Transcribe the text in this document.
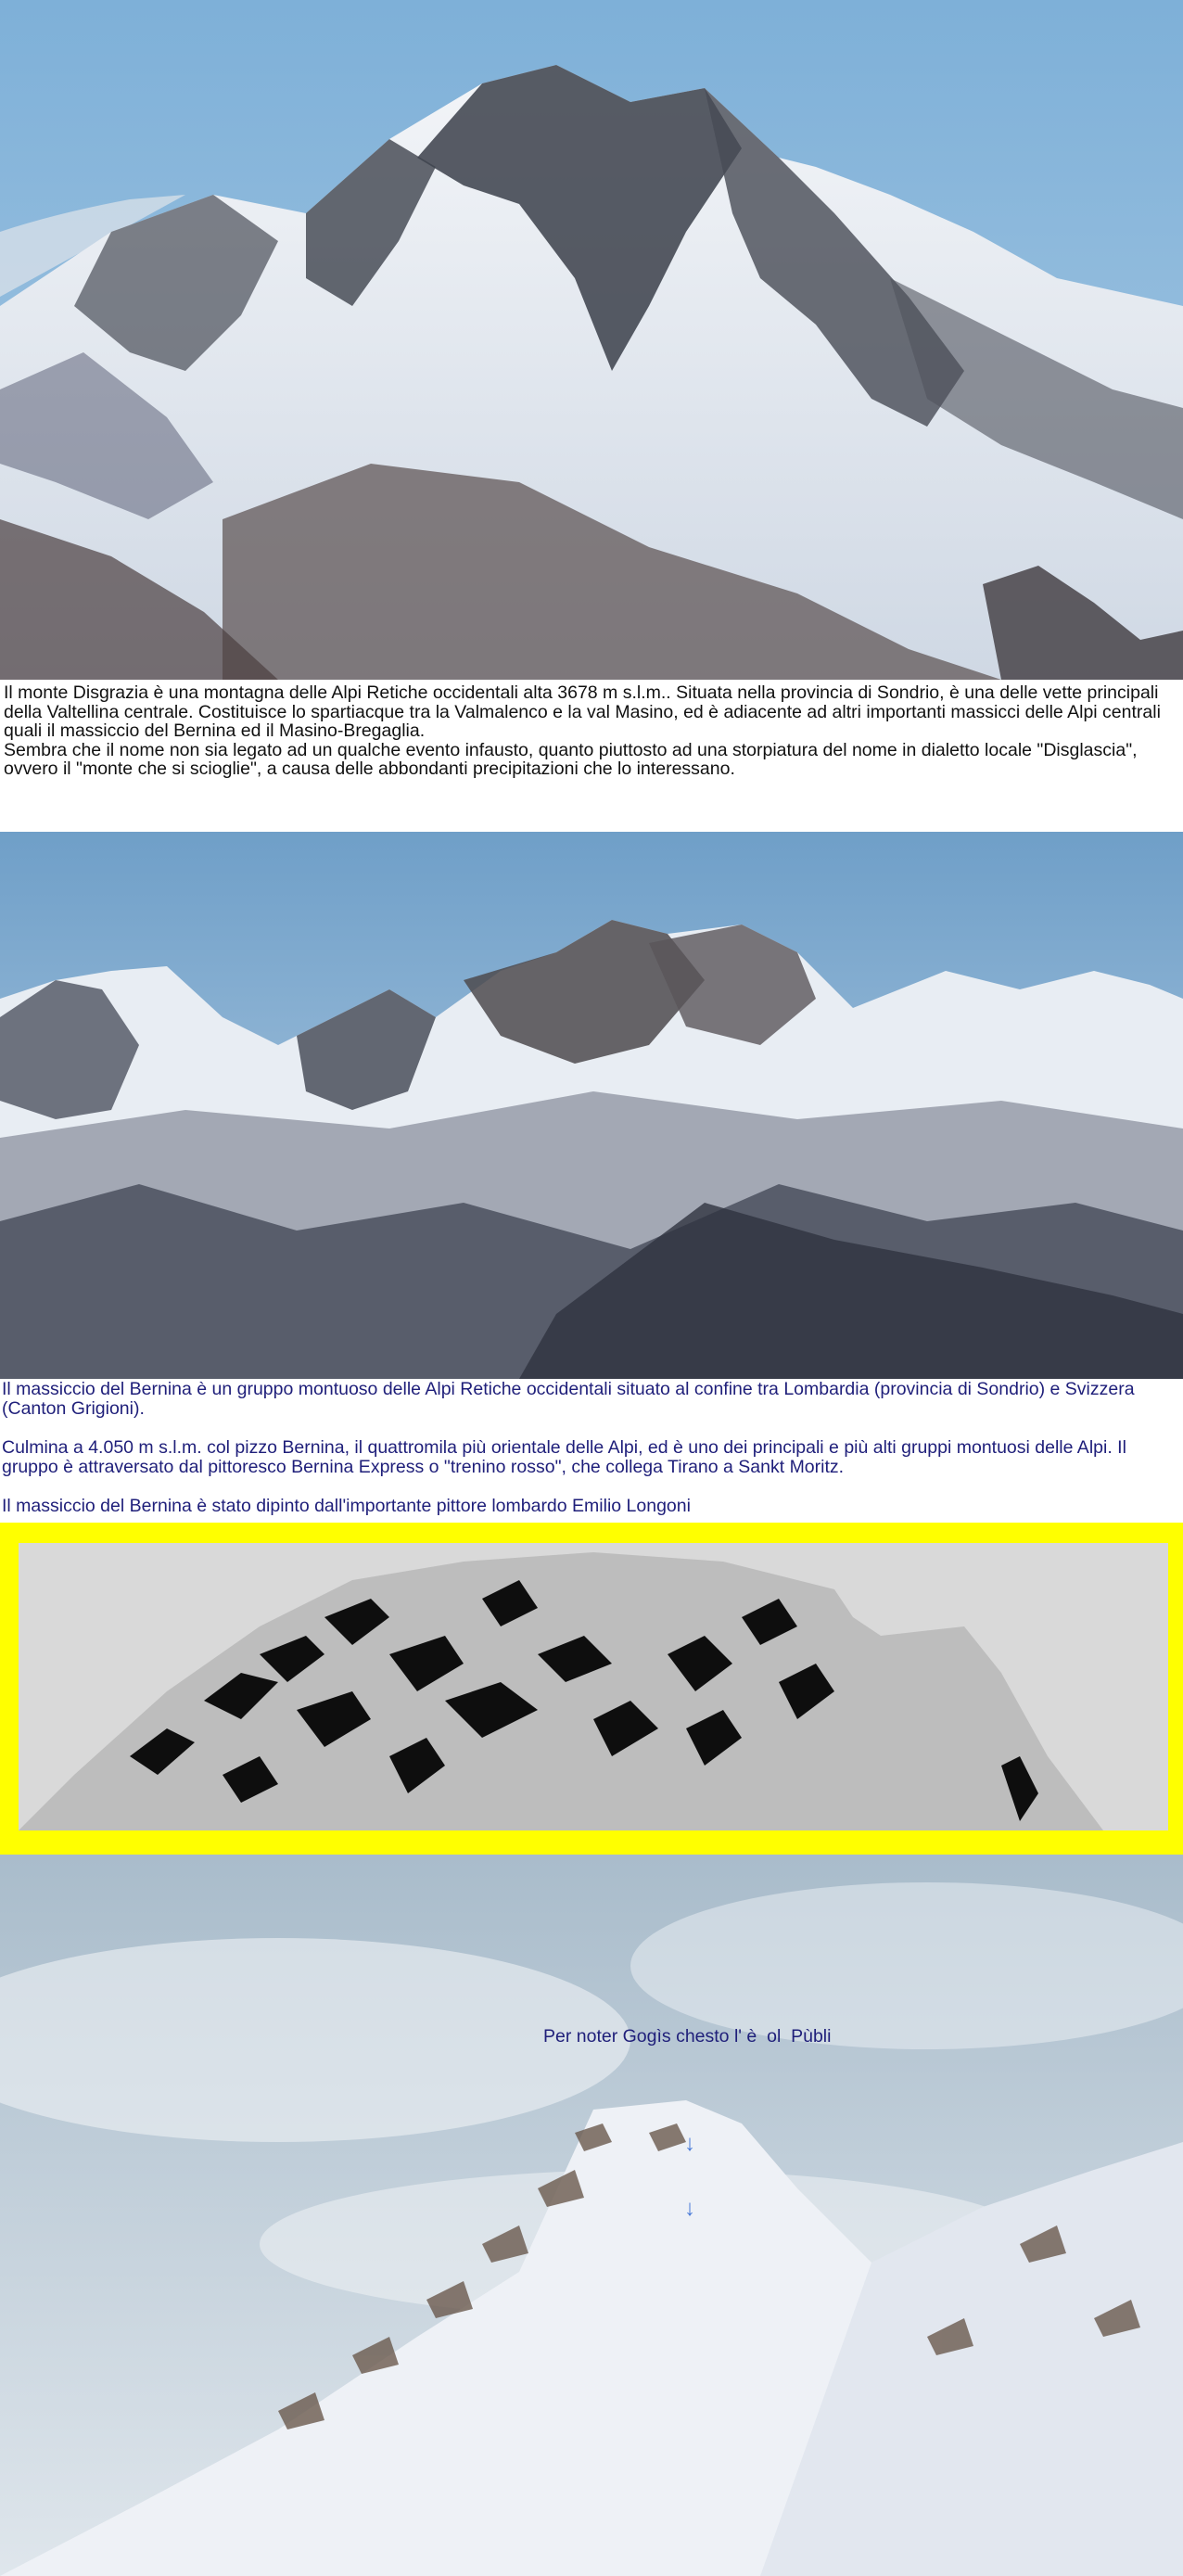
Il monte Disgrazia è una montagna delle Alpi Retiche occidentali alta 3678 m s.l.m.. Situata nella provincia di Sondrio, è una delle vette principali della Valtellina centrale. Costituisce lo spartiacque tra la Valmalenco e la val Masino, ed è adiacente ad altri importanti massicci delle Alpi centrali quali il massiccio del Bernina ed il Masino-Bregaglia.

Sembra che il nome non sia legato ad un qualche evento infausto, quanto piuttosto ad una storpiatura del nome in dialetto locale "Disglascia", ovvero il "monte che si scioglie", a causa delle abbondanti precipitazioni che lo interessano.

Il massiccio del Bernina è un gruppo montuoso delle Alpi Retiche occidentali situato al confine tra Lombardia (provincia di Sondrio) e Svizzera (Canton Grigioni).

Culmina a 4.050 m s.l.m. col pizzo Bernina, il quattromila più orientale delle Alpi, ed è uno dei principali e più alti gruppi montuosi delle Alpi. Il gruppo è attraversato dal pittoresco Bernina Express o "trenino rosso", che collega Tirano a Sankt Moritz.

Il massiccio del Bernina è stato dipinto dall'importante pittore lombardo Emilio Longoni

Per noter Gogìs chesto l' è  ol  Pùbli

↓

↓
